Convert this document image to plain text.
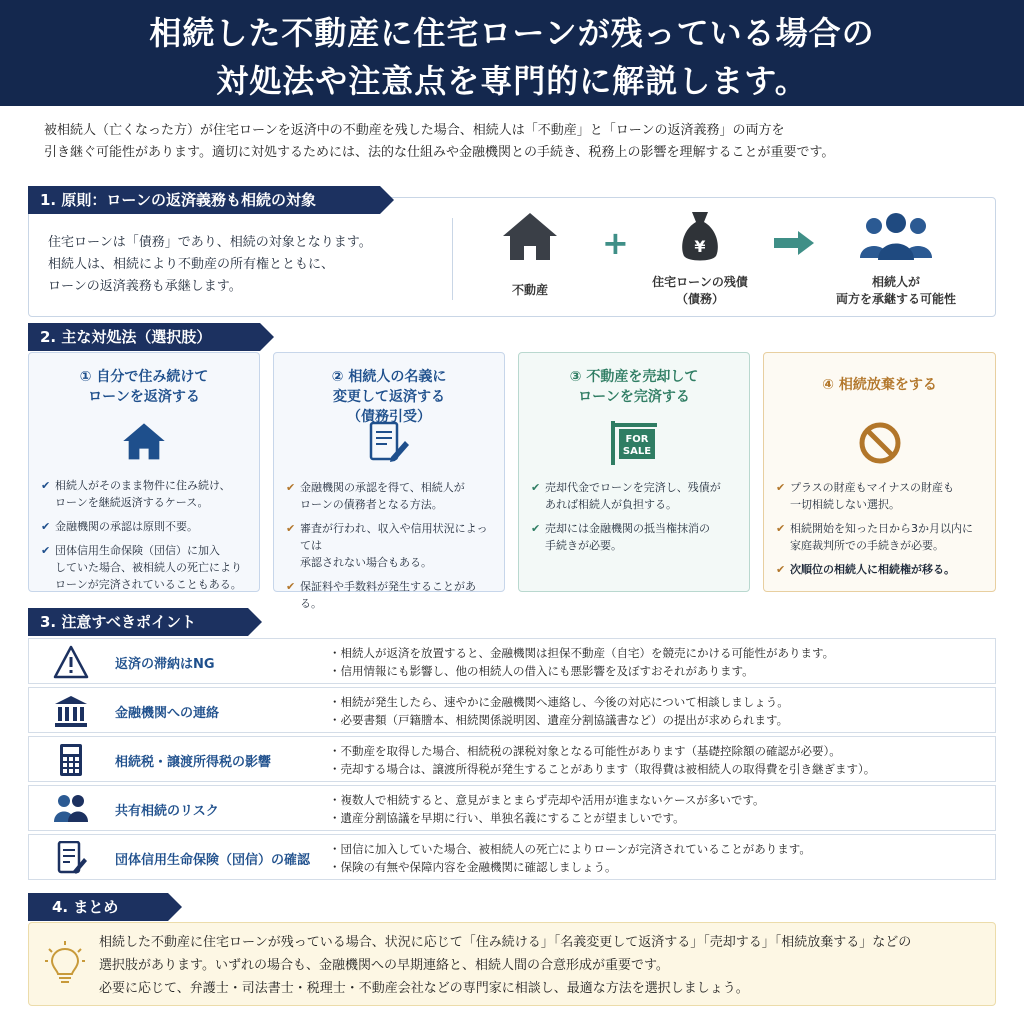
相続した不動産に住宅ローンが残っている場合の
対処法や注意点を専門的に解説します。
被相続人（亡くなった方）が住宅ローンを返済中の不動産を残した場合、相続人は「不動産」と「ローンの返済義務」の両方を
引き継ぐ可能性があります。適切に対処するためには、法的な仕組みや金融機関との手続き、税務上の影響を理解することが重要です。
1. 原則：ローンの返済義務も相続の対象
住宅ローンは「債務」であり、相続の対象となります。
相続人は、相続により不動産の所有権とともに、
ローンの返済義務も承継します。	不動産
+	¥
住宅ローンの残債
（債務）
相続人が
両方を承継する可能性
2. 主な対処法（選択肢）
① 自分で住み続けて
ローンを返済する
✔ 相続人がそのまま物件に住み続け、
ローンを継続返済するケース。
✔ 金融機関の承認は原則不要。
✔ 団体信用生命保険（団信）に加入
していた場合、被相続人の死亡により
ローンが完済されていることもある。
② 相続人の名義に
変更して返済する
（債務引受）
✔ 金融機関の承認を得て、相続人が
ローンの債務者となる方法。
✔ 審査が行われ、収入や信用状況によっては
承認されない場合もある。
✔ 保証料や手数料が発生することがある。
③ 不動産を売却して
ローンを完済する
FOR
SALE
✔ 売却代金でローンを完済し、残債が
あれば相続人が負担する。
✔ 売却には金融機関の抵当権抹消の
手続きが必要。
④ 相続放棄をする
✔ プラスの財産もマイナスの財産も
一切相続しない選択。
✔ 相続開始を知った日から3か月以内に
家庭裁判所での手続きが必要。
✔ 次順位の相続人に相続権が移る。
3. 注意すべきポイント
返済の滞納はNG
・相続人が返済を放置すると、金融機関は担保不動産（自宅）を競売にかける可能性があります。
・信用情報にも影響し、他の相続人の借入にも悪影響を及ぼすおそれがあります。
金融機関への連絡
・相続が発生したら、速やかに金融機関へ連絡し、今後の対応について相談しましょう。
・必要書類（戸籍謄本、相続関係説明図、遺産分割協議書など）の提出が求められます。
相続税・譲渡所得税の影響
・不動産を取得した場合、相続税の課税対象となる可能性があります（基礎控除額の確認が必要）。
・売却する場合は、譲渡所得税が発生することがあります（取得費は被相続人の取得費を引き継ぎます）。
共有相続のリスク
・複数人で相続すると、意見がまとまらず売却や活用が進まないケースが多いです。
・遺産分割協議を早期に行い、単独名義にすることが望ましいです。
団体信用生命保険（団信）の確認
・団信に加入していた場合、被相続人の死亡によりローンが完済されていることがあります。
・保険の有無や保障内容を金融機関に確認しましょう。
4. まとめ
相続した不動産に住宅ローンが残っている場合、状況に応じて「住み続ける」「名義変更して返済する」「売却する」「相続放棄する」などの
選択肢があります。いずれの場合も、金融機関への早期連絡と、相続人間の合意形成が重要です。
必要に応じて、弁護士・司法書士・税理士・不動産会社などの専門家に相談し、最適な方法を選択しましょう。
